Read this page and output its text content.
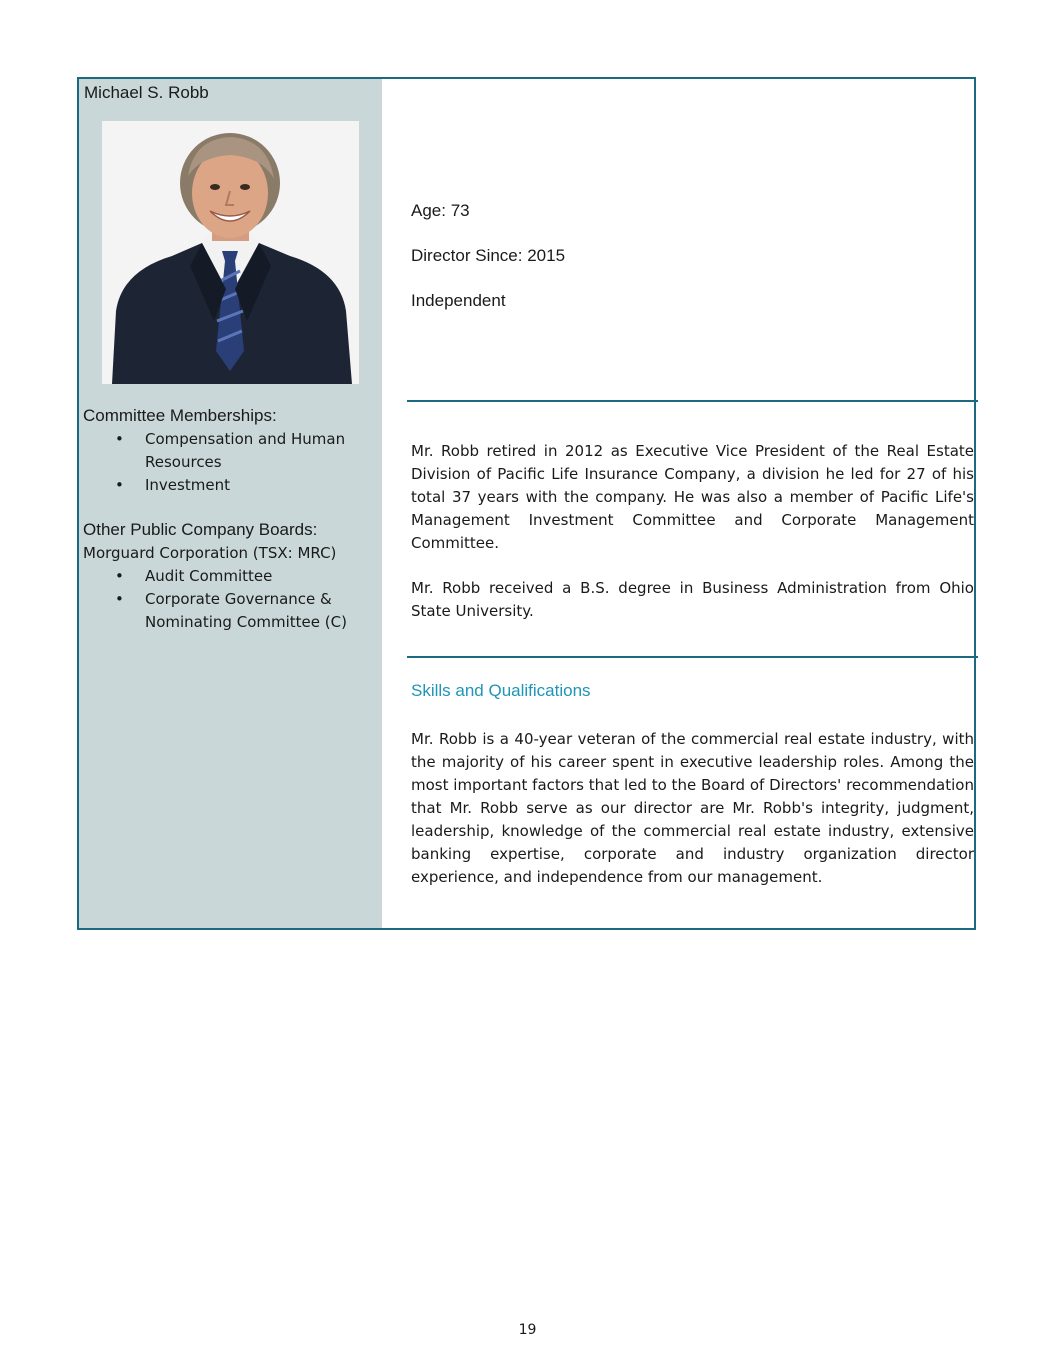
Michael S. Robb
Committee Memberships:
• Compensation and Human Resources
• Investment
Other Public Company Boards:

Morguard Corporation (TSX: MRC)

• Audit Committee
• Corporate Governance & Nominating Committee (C)
Age: 73
Director Since: 2015
Independent

Mr. Robb retired in 2012 as Executive Vice President of the Real Estate Division of Pacific Life Insurance Company, a division he led for 27 of his total 37 years with the company. He was also a member of Pacific Life's Management Investment Committee and Corporate Management Committee.

Mr. Robb received a B.S. degree in Business Administration from Ohio State University.

Skills and Qualifications

Mr. Robb is a 40-year veteran of the commercial real estate industry, with the majority of his career spent in executive leadership roles. Among the most important factors that led to the Board of Directors' recommendation that Mr. Robb serve as our director are Mr. Robb's integrity, judgment, leadership, knowledge of the commercial real estate industry, extensive banking expertise, corporate and industry organization director experience, and independence from our management.

19
